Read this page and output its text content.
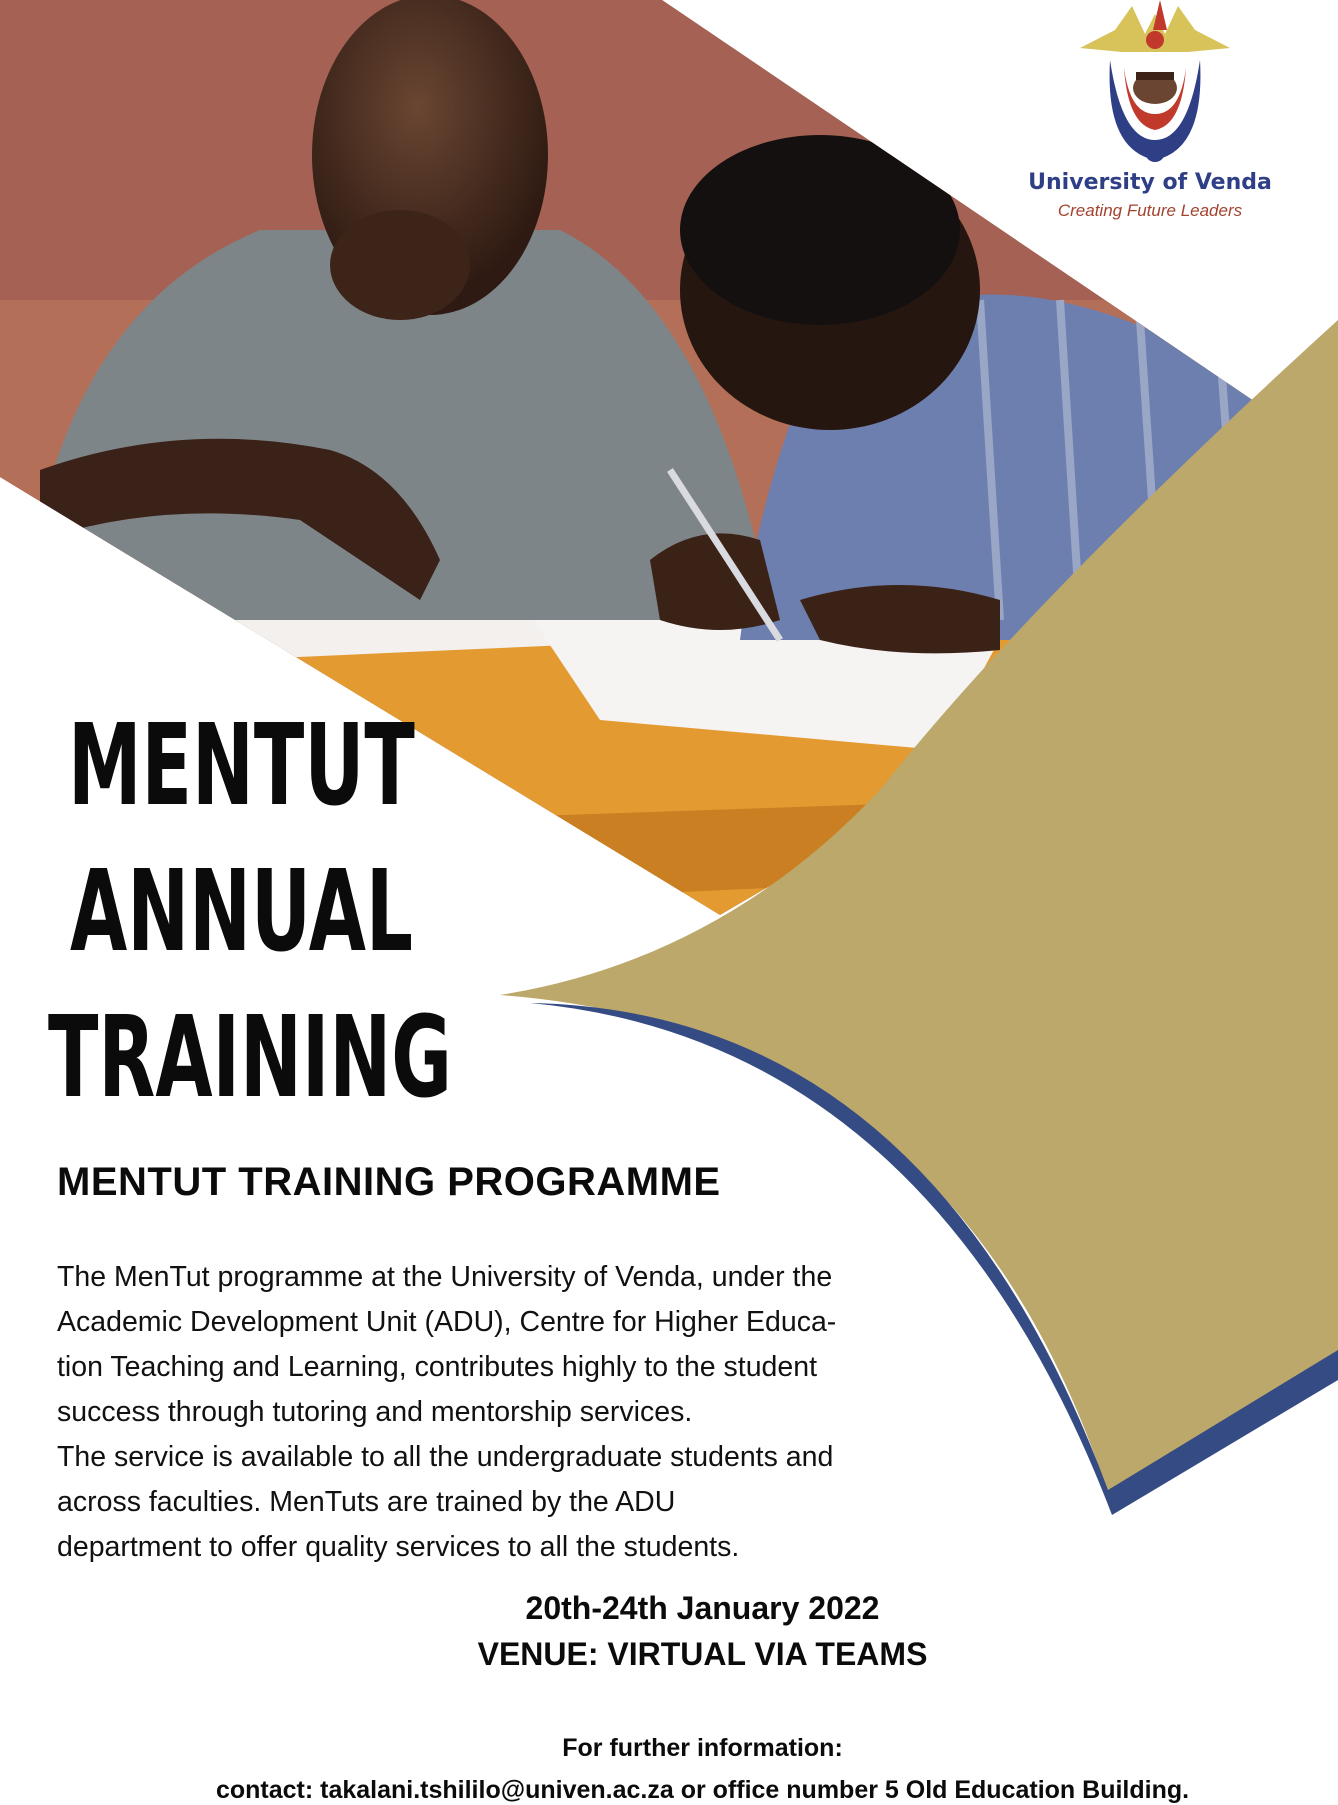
University of Venda
Creating Future Leaders
MENTUT
ANNUAL
TRAINING
MENTUT TRAINING PROGRAMME
The MenTut programme at the University of Venda, under the
Academic Development Unit (ADU), Centre for Higher Educa-
tion Teaching and Learning, contributes highly to the student
success through tutoring and mentorship services.
The service is available to all the undergraduate students and
across faculties. MenTuts are trained by the ADU
department to offer quality services to all the students.
20th-24th January 2022
VENUE: VIRTUAL VIA TEAMS
For further information:
contact: takalani.tshililo@univen.ac.za or office number 5 Old Education Building.
